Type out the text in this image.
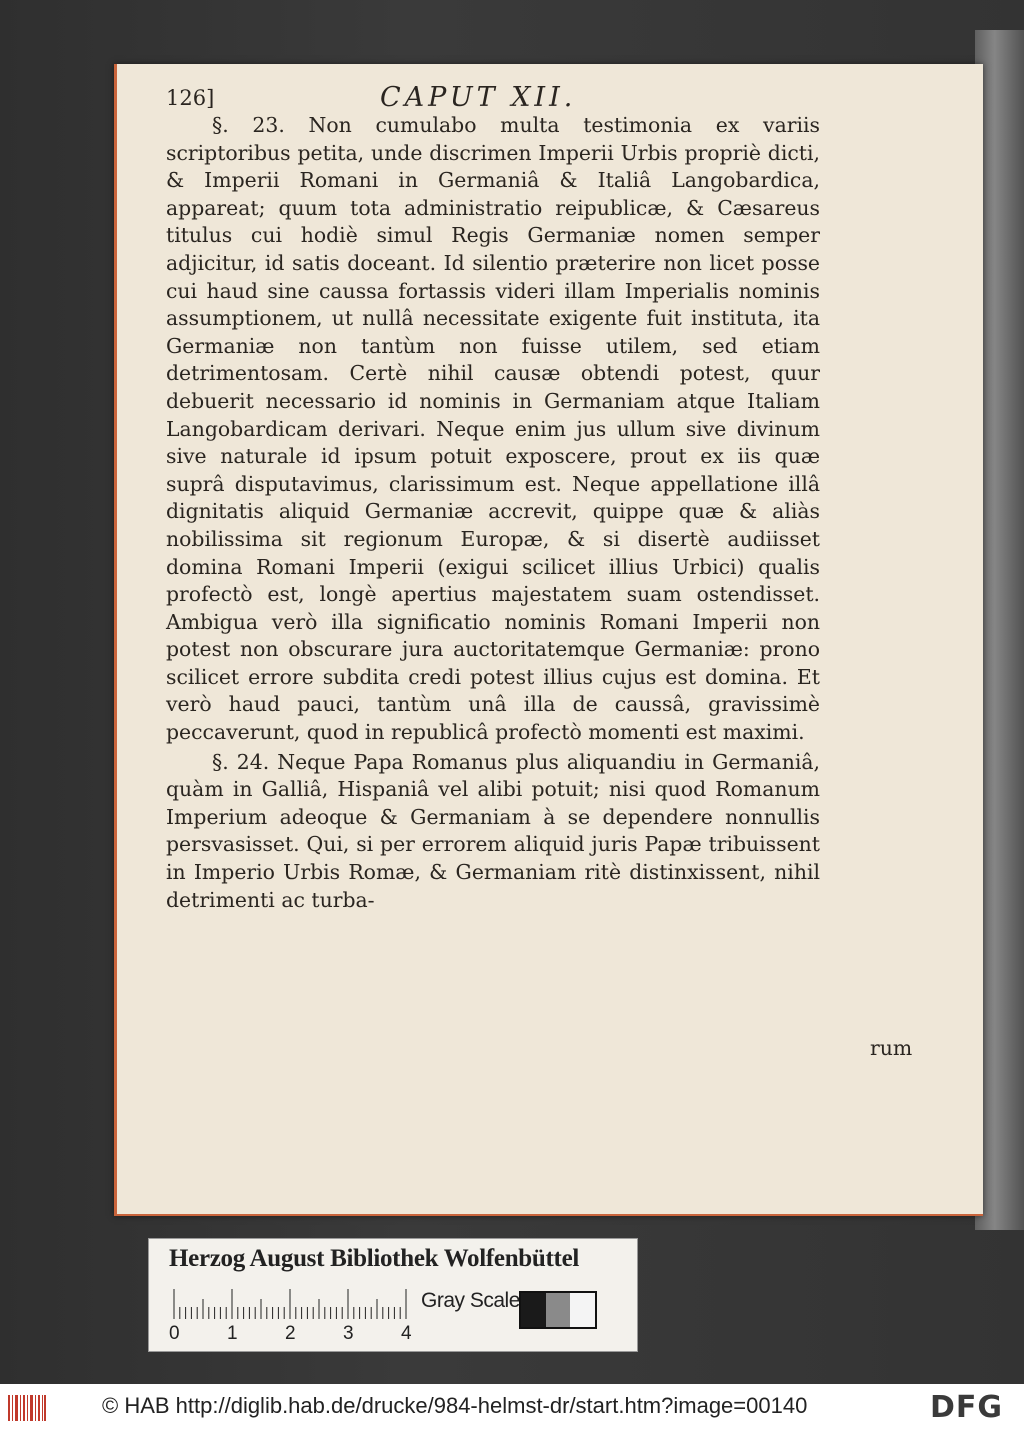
126]	CAPUT XII.

§. 23. Non cumulabo multa testimonia ex variis scriptoribus petita, unde discrimen Imperii Urbis propriè dicti, & Imperii Romani in Germaniâ & Italiâ Langobardica, appareat; quum tota administratio reipublicæ, & Cæsareus titulus cui hodiè simul Regis Germaniæ nomen semper adjicitur, id satis doceant. Id silentio præterire non licet posse cui haud sine caussa fortassis videri illam Imperialis nominis assumptionem, ut nullâ necessitate exigente fuit instituta, ita Germaniæ non tantùm non fuisse utilem, sed etiam detrimentosam. Certè nihil causæ obtendi potest, quur debuerit necessario id nominis in Germaniam atque Italiam Langobardicam derivari. Neque enim jus ullum sive divinum sive naturale id ipsum potuit exposcere, prout ex iis quæ suprâ disputavimus, clarissimum est. Neque appellatione illâ dignitatis aliquid Germaniæ accrevit, quippe quæ & aliàs nobilissima sit regionum Europæ, & si disertè audiisset domina Romani Imperii (exigui scilicet illius Urbici) qualis profectò est, longè apertius majestatem suam ostendisset. Ambigua verò illa significatio nominis Romani Imperii non potest non obscurare jura auctoritatemque Germaniæ: prono scilicet errore subdita credi potest illius cujus est domina. Et verò haud pauci, tantùm unâ illa de caussâ, gravissimè peccaverunt, quod in republicâ profectò momenti est maximi.

§. 24. Neque Papa Romanus plus aliquandiu in Germaniâ, quàm in Galliâ, Hispaniâ vel alibi potuit; nisi quod Romanum Imperium adeoque & Germaniam à se dependere nonnullis persvasisset. Qui, si per errorem aliquid juris Papæ tribuissent in Imperio Urbis Romæ, & Germaniam ritè distinxissent, nihil detrimenti ac turba-

rum
Herzog August Bibliothek Wolfenbüttel
0 1 2 3 4
Gray Scale
© HAB http://diglib.hab.de/drucke/984-helmst-dr/start.htm?image=00140	DFG
